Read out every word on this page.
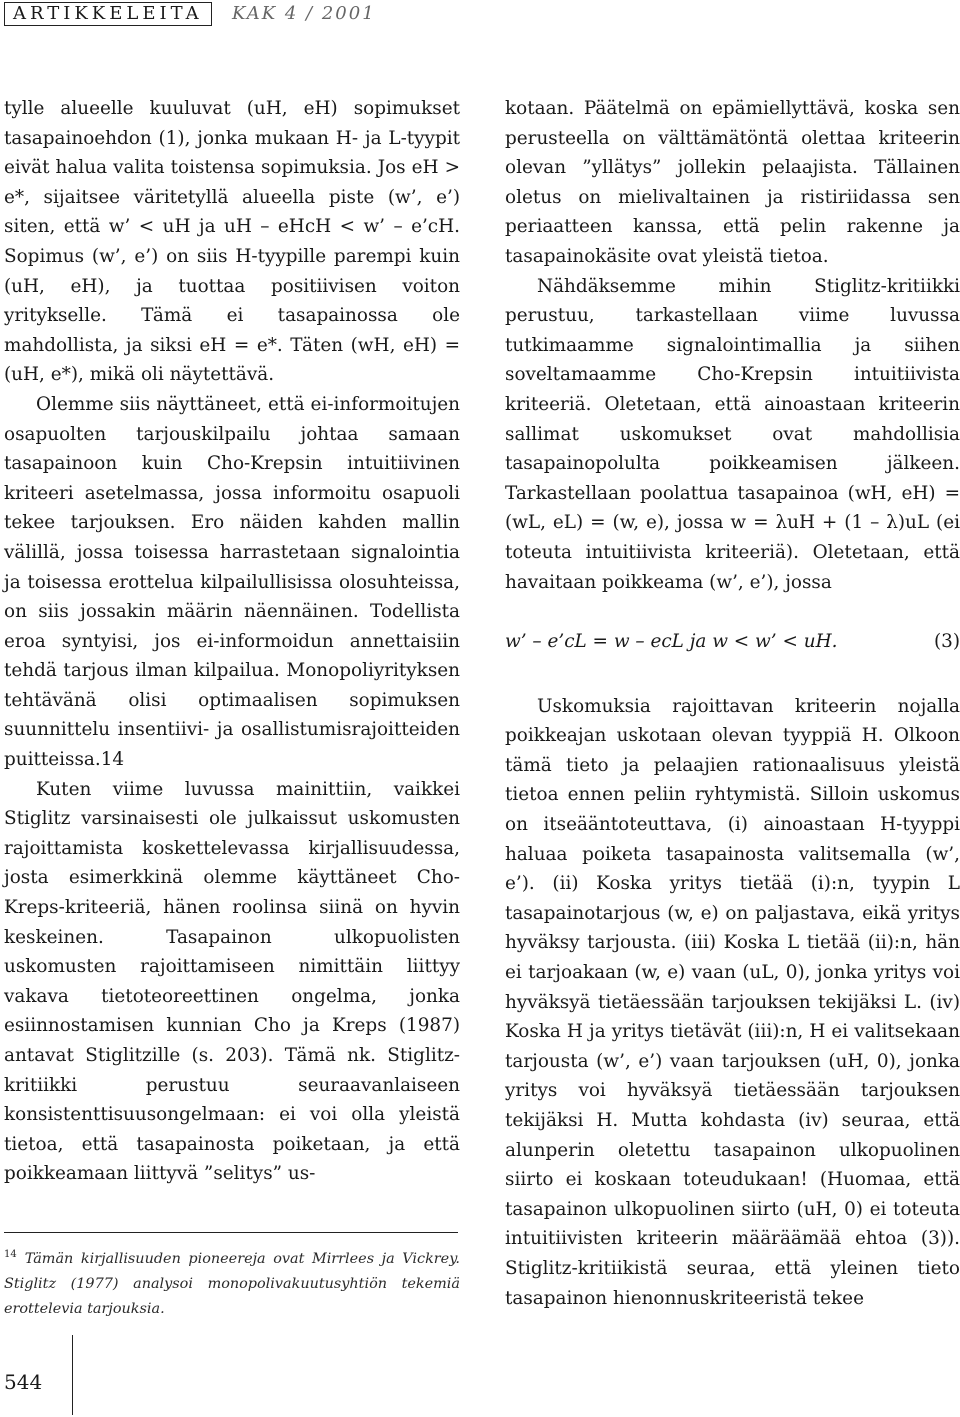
ARTIKKELEITA	KAK 4 / 2001

tylle alueelle kuuluvat (uH, eH) sopimukset tasapainoehdon (1), jonka mukaan H- ja L-tyypit eivät halua valita toistensa sopimuksia. Jos eH > e*, sijaitsee väritetyllä alueella piste (w’, e’) siten, että w’ < uH ja uH – eHcH < w’ – e’cH. Sopimus (w’, e’) on siis H-tyypille parempi kuin (uH, eH), ja tuottaa positiivisen voiton yritykselle. Tämä ei tasapainossa ole mahdollista, ja siksi eH = e*. Täten (wH, eH) = (uH, e*), mikä oli näytettävä.

Olemme siis näyttäneet, että ei-informoitujen osapuolten tarjouskilpailu johtaa samaan tasapainoon kuin Cho-Krepsin intuitiivinen kriteeri asetelmassa, jossa informoitu osapuoli tekee tarjouksen. Ero näiden kahden mallin välillä, jossa toisessa harrastetaan signalointia ja toisessa erottelua kilpailullisissa olosuhteissa, on siis jossakin määrin näennäinen. Todellista eroa syntyisi, jos ei-informoidun annettaisiin tehdä tarjous ilman kilpailua. Monopoliyrityksen tehtävänä olisi optimaalisen sopimuksen suunnittelu insentiivi- ja osallistumisrajoitteiden puitteissa.14

Kuten viime luvussa mainittiin, vaikkei Stiglitz varsinaisesti ole julkaissut uskomusten rajoittamista koskettelevassa kirjallisuudessa, josta esimerkkinä olemme käyttäneet Cho-Kreps-kriteeriä, hänen roolinsa siinä on hyvin keskeinen. Tasapainon ulkopuolisten uskomusten rajoittamiseen nimittäin liittyy vakava tietoteoreettinen ongelma, jonka esiinnostamisen kunnian Cho ja Kreps (1987) antavat Stiglitzille (s. 203). Tämä nk. Stiglitz-kritiikki perustuu seuraavanlaiseen konsistenttisuusongelmaan: ei voi olla yleistä tietoa, että tasapainosta poiketaan, ja että poikkeamaan liittyvä ”selitys” us-

$^{14}$ Tämän kirjallisuuden pioneereja ovat Mirrlees ja Vickrey. Stiglitz (1977) analysoi monopolivakuutusyhtiön tekemiä erottelevia tarjouksia.

kotaan. Päätelmä on epämiellyttävä, koska sen perusteella on välttämätöntä olettaa kriteerin olevan ”yllätys” jollekin pelaajista. Tällainen oletus on mielivaltainen ja ristiriidassa sen periaatteen kanssa, että pelin rakenne ja tasapainokäsite ovat yleistä tietoa.

Nähdäksemme mihin Stiglitz-kritiikki perustuu, tarkastellaan viime luvussa tutkimaamme signalointimallia ja siihen soveltamaamme Cho-Krepsin intuitiivista kriteeriä. Oletetaan, että ainoastaan kriteerin sallimat uskomukset ovat mahdollisia tasapainopolulta poikkeamisen jälkeen. Tarkastellaan poolattua tasapainoa (wH, eH) = (wL, eL) = (w, e), jossa w = λuH + (1 – λ)uL (ei toteuta intuitiivista kriteeriä). Oletetaan, että havaitaan poikkeama (w’, e’), jossa

w’ – e’cL = w – ecL ja w < w’ < uH.	(3)

Uskomuksia rajoittavan kriteerin nojalla poikkeajan uskotaan olevan tyyppiä H. Olkoon tämä tieto ja pelaajien rationaalisuus yleistä tietoa ennen peliin ryhtymistä. Silloin uskomus on itseääntoteuttava, (i) ainoastaan H-tyyppi haluaa poiketa tasapainosta valitsemalla (w’, e’). (ii) Koska yritys tietää (i):n, tyypin L tasapainotarjous (w, e) on paljastava, eikä yritys hyväksy tarjousta. (iii) Koska L tietää (ii):n, hän ei tarjoakaan (w, e) vaan (uL, 0), jonka yritys voi hyväksyä tietäessään tarjouksen tekijäksi L. (iv) Koska H ja yritys tietävät (iii):n, H ei valitsekaan tarjousta (w’, e’) vaan tarjouksen (uH, 0), jonka yritys voi hyväksyä tietäessään tarjouksen tekijäksi H. Mutta kohdasta (iv) seuraa, että alunperin oletettu tasapainon ulkopuolinen siirto ei koskaan toteudukaan! (Huomaa, että tasapainon ulkopuolinen siirto (uH, 0) ei toteuta intuitiivisten kriteerin määräämää ehtoa (3)). Stiglitz-kritiikistä seuraa, että yleinen tieto tasapainon hienonnuskriteeristä tekee

544
